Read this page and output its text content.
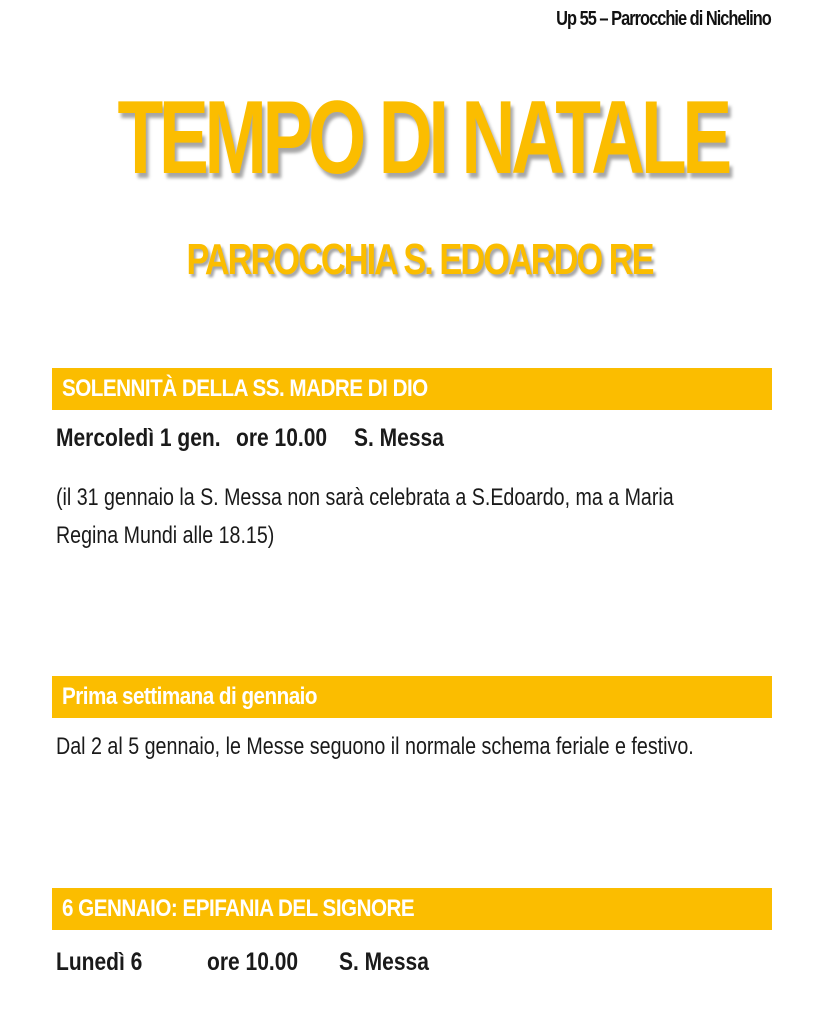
Up 55 – Parrocchie di Nichelino
TEMPO DI NATALE
PARROCCHIA S. EDOARDO RE
SOLENNITÀ DELLA SS. MADRE DI DIO
Mercoledì 1 gen. ore 10.00 S. Messa
(il 31 gennaio la S. Messa non sarà celebrata a S.Edoardo, ma a Maria
Regina Mundi alle 18.15)
Prima settimana di gennaio
Dal 2 al 5 gennaio, le Messe seguono il normale schema feriale e festivo.
6 GENNAIO: EPIFANIA DEL SIGNORE
Lunedì 6	ore 10.00 S. Messa
